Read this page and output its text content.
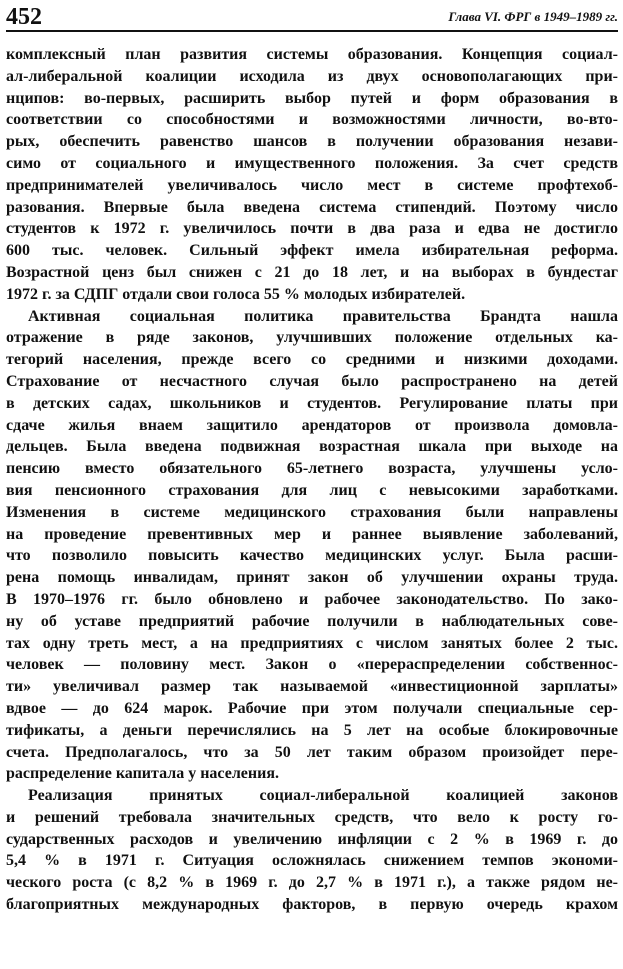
452	Глава VI. ФРГ в 1949–1989 гг.
комплексный план развития системы образования. Концепция социал-
ал-либеральной коалиции исходила из двух основополагающих при-
нципов: во-первых, расширить выбор путей и форм образования в
соответствии со способностями и возможностями личности, во-вто-
рых, обеспечить равенство шансов в получении образования незави-
симо от социального и имущественного положения. За счет средств
предпринимателей увеличивалось число мест в системе профтехоб-
разования. Впервые была введена система стипендий. Поэтому число
студентов к 1972 г. увеличилось почти в два раза и едва не достигло
600 тыс. человек. Сильный эффект имела избирательная реформа.
Возрастной ценз был снижен с 21 до 18 лет, и на выборах в бундестаг
1972 г. за СДПГ отдали свои голоса 55 % молодых избирателей.
Активная социальная политика правительства Брандта нашла
отражение в ряде законов, улучшивших положение отдельных ка-
тегорий населения, прежде всего со средними и низкими доходами.
Страхование от несчастного случая было распространено на детей
в детских садах, школьников и студентов. Регулирование платы при
сдаче жилья внаем защитило арендаторов от произвола домовла-
дельцев. Была введена подвижная возрастная шкала при выходе на
пенсию вместо обязательного 65-летнего возраста, улучшены усло-
вия пенсионного страхования для лиц с невысокими заработками.
Изменения в системе медицинского страхования были направлены
на проведение превентивных мер и раннее выявление заболеваний,
что позволило повысить качество медицинских услуг. Была расши-
рена помощь инвалидам, принят закон об улучшении охраны труда.
В 1970–1976 гг. было обновлено и рабочее законодательство. По зако-
ну об уставе предприятий рабочие получили в наблюдательных сове-
тах одну треть мест, а на предприятиях с числом занятых более 2 тыс.
человек — половину мест. Закон о «перераспределении собственнос-
ти» увеличивал размер так называемой «инвестиционной зарплаты»
вдвое — до 624 марок. Рабочие при этом получали специальные сер-
тификаты, а деньги перечислялись на 5 лет на особые блокировочные
счета. Предполагалось, что за 50 лет таким образом произойдет пере-
распределение капитала у населения.
Реализация принятых социал-либеральной коалицией законов
и решений требовала значительных средств, что вело к росту го-
сударственных расходов и увеличению инфляции с 2 % в 1969 г. до
5,4 % в 1971 г. Ситуация осложнялась снижением темпов экономи-
ческого роста (с 8,2 % в 1969 г. до 2,7 % в 1971 г.), а также рядом не-
благоприятных международных факторов, в первую очередь крахом
